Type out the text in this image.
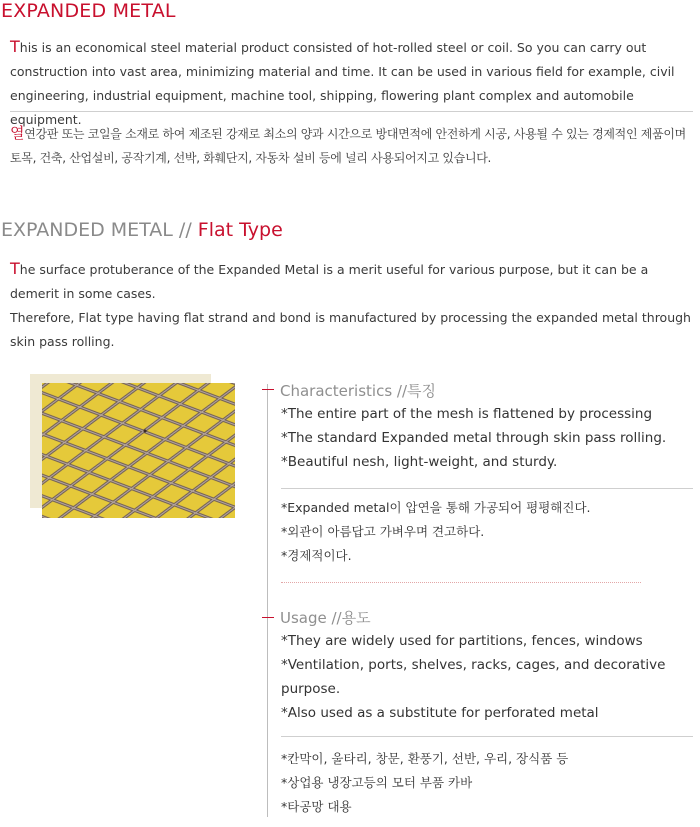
EXPANDED METAL
This is an economical steel material product consisted of hot-rolled steel or coil. So you can carry out construction into vast area, minimizing material and time. It can be used in various field for example, civil engineering, industrial equipment, machine tool, shipping, flowering plant complex and automobile equipment.
열연강판 또는 코일을 소재로 하여 제조된 강재로 최소의 양과 시간으로 방대면적에 안전하게 시공, 사용될 수 있는 경제적인 제품이며 토목, 건축, 산업설비, 공작기계, 선박, 화훼단지, 자동차 설비 등에 널리 사용되어지고 있습니다.
EXPANDED METAL // Flat Type
The surface protuberance of the Expanded Metal is a merit useful for various purpose, but it can be a demerit in some cases.
Therefore, Flat type having flat strand and bond is manufactured by processing the expanded metal through skin pass rolling.
Characteristics //특징
*The entire part of the mesh is flattened by processing
*The standard Expanded metal through skin pass rolling.
*Beautiful nesh, light-weight, and sturdy.
*Expanded metal이 압연을 통해 가공되어 평평해진다.
*외관이 아름답고 가벼우며 견고하다.
*경제적이다.
Usage //용도
*They are widely used for partitions, fences, windows
*Ventilation, ports, shelves, racks, cages, and decorative purpose.
*Also used as a substitute for perforated metal
*칸막이, 울타리, 창문, 환풍기, 선반, 우리, 장식품 등
*상업용 냉장고등의 모터 부품 카바
*타공망 대용
